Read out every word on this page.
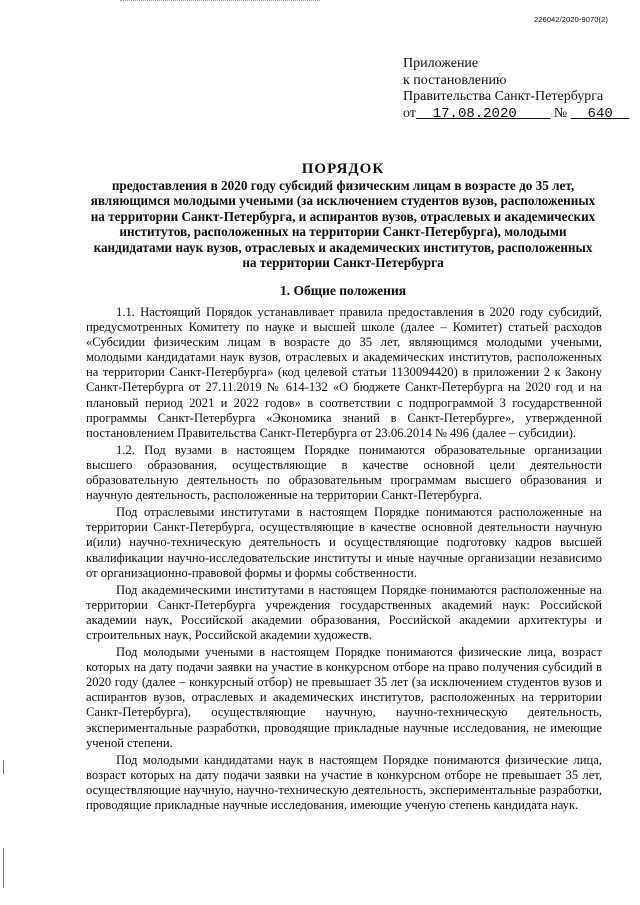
226042/2020-9070(2)
Приложение
к постановлению
Правительства Санкт-Петербурга
от 17.08.2020	№ 640
ПОРЯДОК
предоставления в 2020 году субсидий физическим лицам в возрасте до 35 лет, являющимся молодыми учеными (за исключением студентов вузов, расположенных на территории Санкт-Петербурга, и аспирантов вузов, отраслевых и академических институтов, расположенных на территории Санкт-Петербурга), молодыми кандидатами наук вузов, отраслевых и академических институтов, расположенных на территории Санкт-Петербурга
1. Общие положения

1.1. Настоящий Порядок устанавливает правила предоставления в 2020 году субсидий, предусмотренных Комитету по науке и высшей школе (далее – Комитет) статьей расходов «Субсидии физическим лицам в возрасте до 35 лет, являющимся молодыми учеными, молодыми кандидатами наук вузов, отраслевых и академических институтов, расположенных на территории Санкт-Петербурга» (код целевой статьи 1130094420) в приложении 2 к Закону Санкт-Петербурга от 27.11.2019 № 614-132 «О бюджете Санкт-Петербурга на 2020 год и на плановый период 2021 и 2022 годов» в соответствии с подпрограммой 3 государственной программы Санкт-Петербурга «Экономика знаний в Санкт-Петербурге», утвержденной постановлением Правительства Санкт-Петербурга от 23.06.2014 № 496 (далее – субсидии).

1.2. Под вузами в настоящем Порядке понимаются образовательные организации высшего образования, осуществляющие в качестве основной цели деятельности образовательную деятельность по образовательным программам высшего образования и научную деятельность, расположенные на территории Санкт-Петербурга.

Под отраслевыми институтами в настоящем Порядке понимаются расположенные на территории Санкт-Петербурга, осуществляющие в качестве основной деятельности научную и(или) научно-техническую деятельность и осуществляющие подготовку кадров высшей квалификации научно-исследовательские институты и иные научные организации независимо от организационно-правовой формы и формы собственности.

Под академическими институтами в настоящем Порядке понимаются расположенные на территории Санкт-Петербурга учреждения государственных академий наук: Российской академии наук, Российской академии образования, Российской академии архитектуры и строительных наук, Российской академии художеств.

Под молодыми учеными в настоящем Порядке понимаются физические лица, возраст которых на дату подачи заявки на участие в конкурсном отборе на право получения субсидий в 2020 году (далее – конкурсный отбор) не превышает 35 лет (за исключением студентов вузов и аспирантов вузов, отраслевых и академических институтов, расположенных на территории Санкт-Петербурга), осуществляющие научную, научно-техническую деятельность, экспериментальные разработки, проводящие прикладные научные исследования, не имеющие ученой степени.

Под молодыми кандидатами наук в настоящем Порядке понимаются физические лица, возраст которых на дату подачи заявки на участие в конкурсном отборе не превышает 35 лет, осуществляющие научную, научно-техническую деятельность, экспериментальные разработки, проводящие прикладные научные исследования, имеющие ученую степень кандидата наук.
